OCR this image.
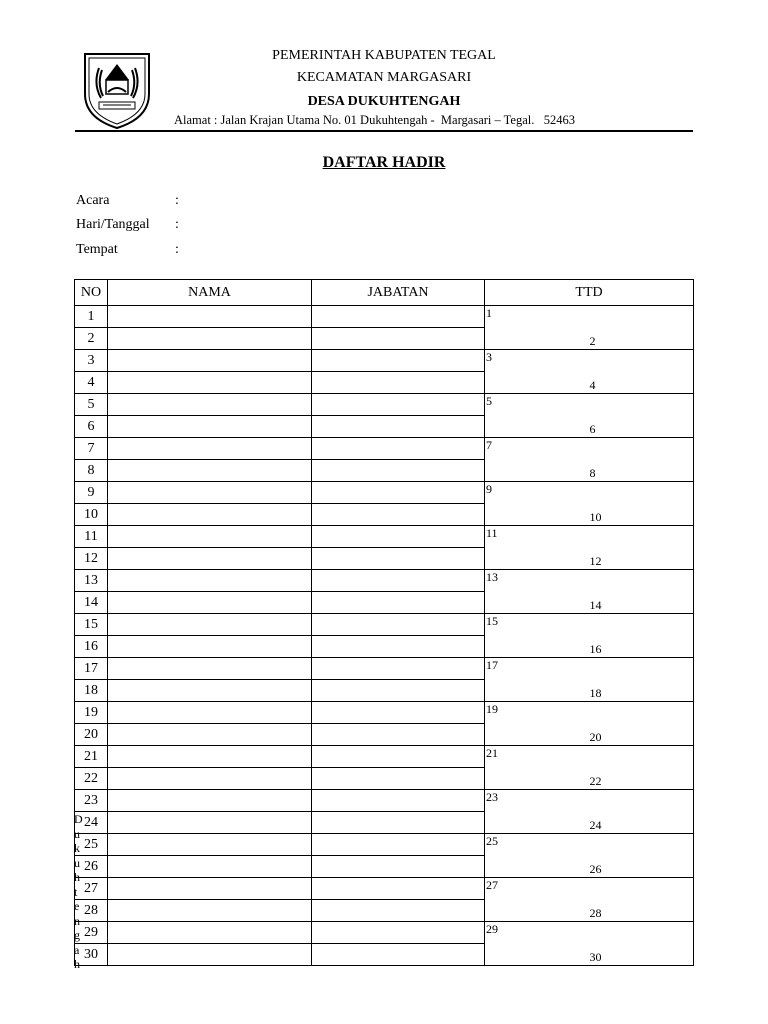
PEMERINTAH KABUPATEN TEGAL
KECAMATAN MARGASARI
DESA DUKUHTENGAH
Alamat : Jalan Krajan Utama No. 01 Dukuhtengah -  Margasari – Tegal.   52463
DAFTAR HADIR
Acara	:
Hari/Tanggal :
Tempat	:
NO	NAMA	JABATAN	TTD	
1			1	2
2				
3			3	4
4				
5			5	6
6				
7			7	8
8				
9			9	10
10				
11			11	12
12				
13			13	14
14				
15			15	16
16				
17			17	18
18				
19			19	20
20				
21			21	22
22				
23			23	24
24				
25			25	26
26				
27			27	28
28				
29			29	30
30				
D
u
k
u
h
t
e
n
g
a
h
